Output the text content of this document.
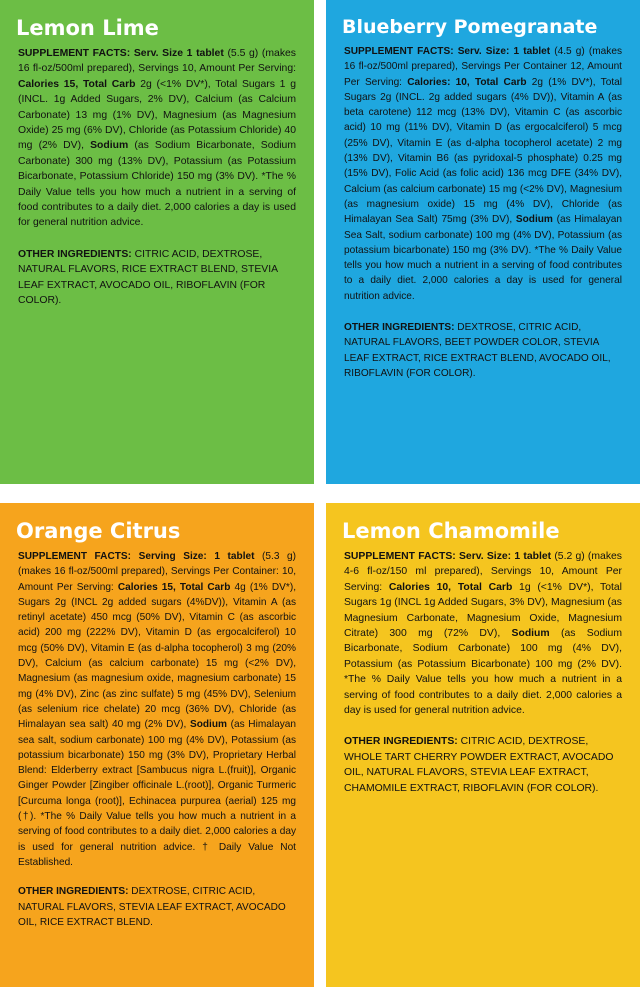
Lemon Lime

SUPPLEMENT FACTS: Serv. Size 1 tablet (5.5 g) (makes 16 fl-oz/500ml prepared), Servings 10, Amount Per Serving: Calories 15, Total Carb 2g (<1% DV*), Total Sugars 1 g (INCL. 1g Added Sugars, 2% DV), Calcium (as Calcium Carbonate) 13 mg (1% DV), Magnesium (as Magnesium Oxide) 25 mg (6% DV), Chloride (as Potassium Chloride) 40 mg (2% DV), Sodium (as Sodium Bicarbonate, Sodium Carbonate) 300 mg (13% DV), Potassium (as Potassium Bicarbonate, Potassium Chloride) 150 mg (3% DV). *The % Daily Value tells you how much a nutrient in a serving of food contributes to a daily diet. 2,000 calories a day is used for general nutrition advice.

OTHER INGREDIENTS: CITRIC ACID, DEXTROSE, NATURAL FLAVORS, RICE EXTRACT BLEND, STEVIA LEAF EXTRACT, AVOCADO OIL, RIBOFLAVIN (FOR COLOR).

Blueberry Pomegranate

SUPPLEMENT FACTS: Serv. Size: 1 tablet (4.5 g) (makes 16 fl-oz/500ml prepared), Servings Per Container 12, Amount Per Serving: Calories: 10, Total Carb 2g (1% DV*), Total Sugars 2g (INCL. 2g added sugars (4% DV)), Vitamin A (as beta carotene) 112 mcg (13% DV), Vitamin C (as ascorbic acid) 10 mg (11% DV), Vitamin D (as ergocalciferol) 5 mcg (25% DV), Vitamin E (as d-alpha tocopherol acetate) 2 mg (13% DV), Vitamin B6 (as pyridoxal-5 phosphate) 0.25 mg (15% DV), Folic Acid (as folic acid) 136 mcg DFE (34% DV), Calcium (as calcium carbonate) 15 mg (<2% DV), Magnesium (as magnesium oxide) 15 mg (4% DV), Chloride (as Himalayan Sea Salt) 75mg (3% DV), Sodium (as Himalayan Sea Salt, sodium carbonate) 100 mg (4% DV), Potassium (as potassium bicarbonate) 150 mg (3% DV). *The % Daily Value tells you how much a nutrient in a serving of food contributes to a daily diet. 2,000 calories a day is used for general nutrition advice.

OTHER INGREDIENTS: DEXTROSE, CITRIC ACID, NATURAL FLAVORS, BEET POWDER COLOR, STEVIA LEAF EXTRACT, RICE EXTRACT BLEND, AVOCADO OIL, RIBOFLAVIN (FOR COLOR).

Orange Citrus

SUPPLEMENT FACTS: Serving Size: 1 tablet (5.3 g) (makes 16 fl-oz/500ml prepared), Servings Per Container: 10, Amount Per Serving: Calories 15, Total Carb 4g (1% DV*), Sugars 2g (INCL 2g added sugars (4%DV)), Vitamin A (as retinyl acetate) 450 mcg (50% DV), Vitamin C (as ascorbic acid) 200 mg (222% DV), Vitamin D (as ergocalciferol) 10 mcg (50% DV), Vitamin E (as d-alpha tocopherol) 3 mg (20% DV), Calcium (as calcium carbonate) 15 mg (<2% DV), Magnesium (as magnesium oxide, magnesium carbonate) 15 mg (4% DV), Zinc (as zinc sulfate) 5 mg (45% DV), Selenium (as selenium rice chelate) 20 mcg (36% DV), Chloride (as Himalayan sea salt) 40 mg (2% DV), Sodium (as Himalayan sea salt, sodium carbonate) 100 mg (4% DV), Potassium (as potassium bicarbonate) 150 mg (3% DV), Proprietary Herbal Blend: Elderberry extract [Sambucus nigra L.(fruit)], Organic Ginger Powder [Zingiber officinale L.(root)], Organic Turmeric [Curcuma longa (root)], Echinacea purpurea (aerial) 125 mg (†). *The % Daily Value tells you how much a nutrient in a serving of food contributes to a daily diet. 2,000 calories a day is used for general nutrition advice. † Daily Value Not Established.

OTHER INGREDIENTS: DEXTROSE, CITRIC ACID, NATURAL FLAVORS, STEVIA LEAF EXTRACT, AVOCADO OIL, RICE EXTRACT BLEND.

Lemon Chamomile

SUPPLEMENT FACTS: Serv. Size: 1 tablet (5.2 g) (makes 4-6 fl-oz/150 ml prepared), Servings 10, Amount Per Serving: Calories 10, Total Carb 1g (<1% DV*), Total Sugars 1g (INCL 1g Added Sugars, 3% DV), Magnesium (as Magnesium Carbonate, Magnesium Oxide, Magnesium Citrate) 300 mg (72% DV), Sodium (as Sodium Bicarbonate, Sodium Carbonate) 100 mg (4% DV), Potassium (as Potassium Bicarbonate) 100 mg (2% DV). *The % Daily Value tells you how much a nutrient in a serving of food contributes to a daily diet. 2,000 calories a day is used for general nutrition advice.

OTHER INGREDIENTS: CITRIC ACID, DEXTROSE, WHOLE TART CHERRY POWDER EXTRACT, AVOCADO OIL, NATURAL FLAVORS, STEVIA LEAF EXTRACT, CHAMOMILE EXTRACT, RIBOFLAVIN (FOR COLOR).
